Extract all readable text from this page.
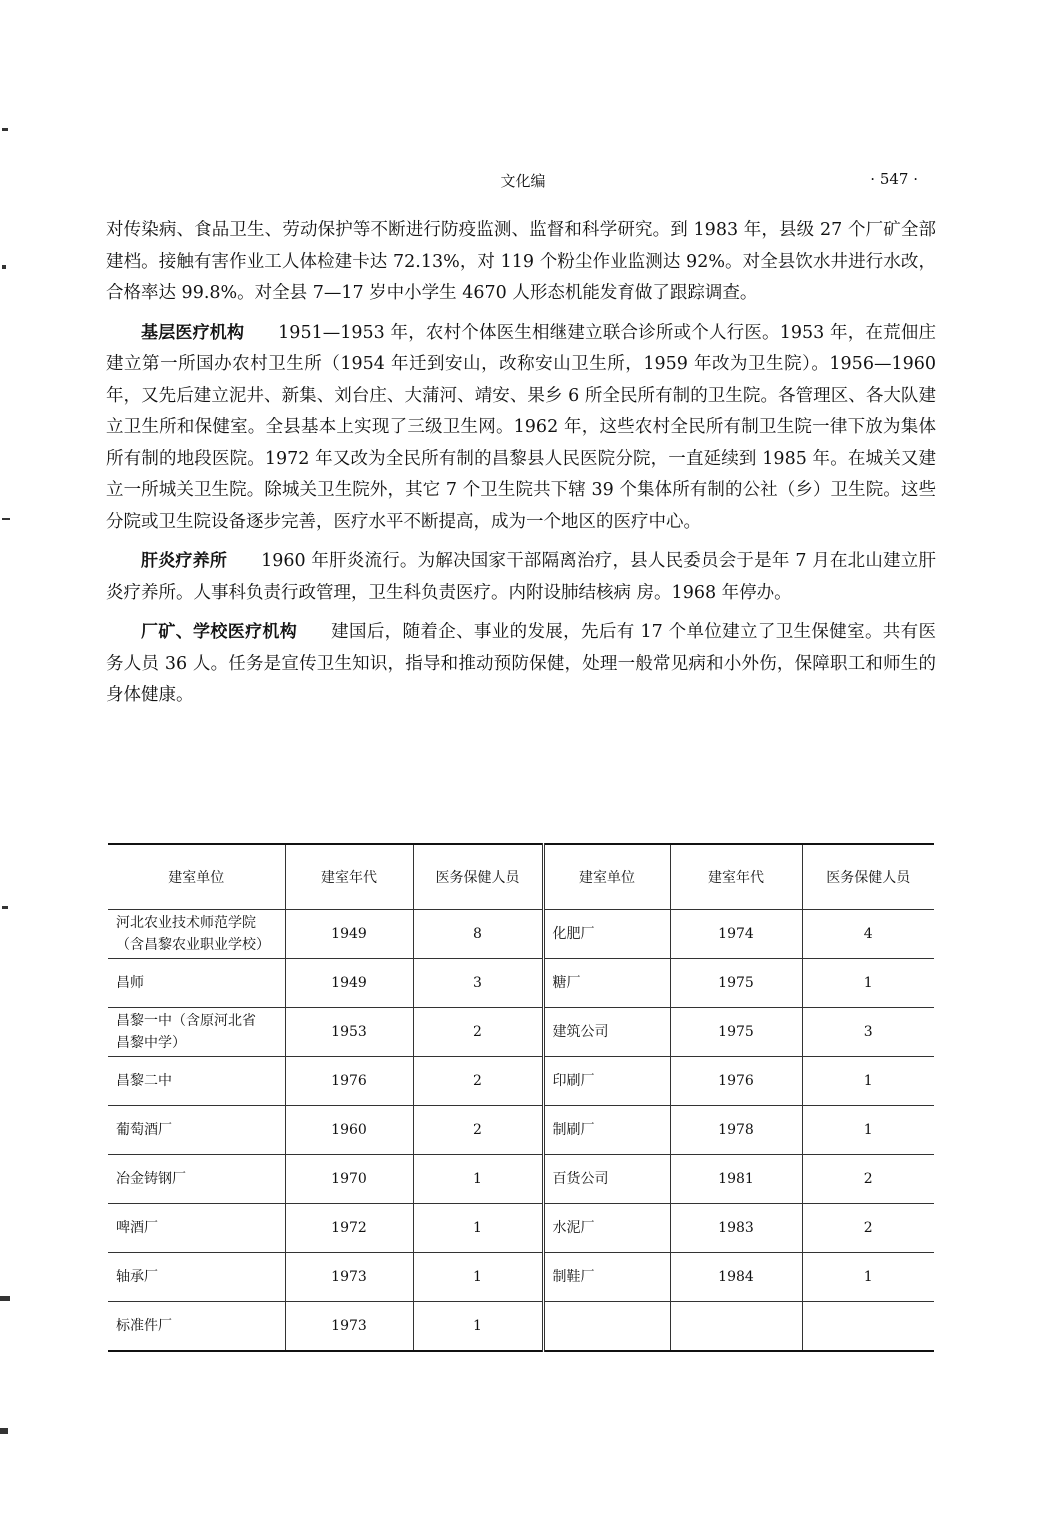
文化编	· 547 ·

对传染病、食品卫生、劳动保护等不断进行防疫监测、监督和科学研究。到 1983 年，县级 27 个厂矿全部建档。接触有害作业工人体检建卡达 72.13%，对 119 个粉尘作业监测达 92%。对全县饮水井进行水改，合格率达 99.8%。对全县 7—17 岁中小学生 4670 人形态机能发育做了跟踪调查。

基层医疗机构 1951—1953 年，农村个体医生相继建立联合诊所或个人行医。1953 年，在荒佃庄建立第一所国办农村卫生所（1954 年迁到安山，改称安山卫生所，1959 年改为卫生院）。1956—1960 年，又先后建立泥井、新集、刘台庄、大蒲河、靖安、果乡 6 所全民所有制的卫生院。各管理区、各大队建立卫生所和保健室。全县基本上实现了三级卫生网。1962 年，这些农村全民所有制卫生院一律下放为集体所有制的地段医院。1972 年又改为全民所有制的昌黎县人民医院分院，一直延续到 1985 年。在城关又建立一所城关卫生院。除城关卫生院外，其它 7 个卫生院共下辖 39 个集体所有制的公社（乡）卫生院。这些分院或卫生院设备逐步完善，医疗水平不断提高，成为一个地区的医疗中心。

肝炎疗养所 1960 年肝炎流行。为解决国家干部隔离治疗，县人民委员会于是年 7 月在北山建立肝炎疗养所。人事科负责行政管理，卫生科负责医疗。内附设肺结核病 房。1968 年停办。

厂矿、学校医疗机构 建国后，随着企、事业的发展，先后有 17 个单位建立了卫生保健室。共有医务人员 36 人。任务是宣传卫生知识，指导和推动预防保健，处理一般常见病和小外伤，保障职工和师生的身体健康。

建室单位	建室年代	医务保健人员	建室单位	建室年代	医务保健人员
河北农业技术师范学院
（含昌黎农业职业学校）	1949	8	化肥厂	1974	4
昌师	1949	3	糖厂	1975	1
昌黎一中（含原河北省
昌黎中学）	1953	2	建筑公司	1975	3
昌黎二中	1976	2	印刷厂	1976	1
葡萄酒厂	1960	2	制刷厂	1978	1
冶金铸钢厂	1970	1	百货公司	1981	2
啤酒厂	1972	1	水泥厂	1983	2
轴承厂	1973	1	制鞋厂	1984	1
标准件厂	1973	1			
